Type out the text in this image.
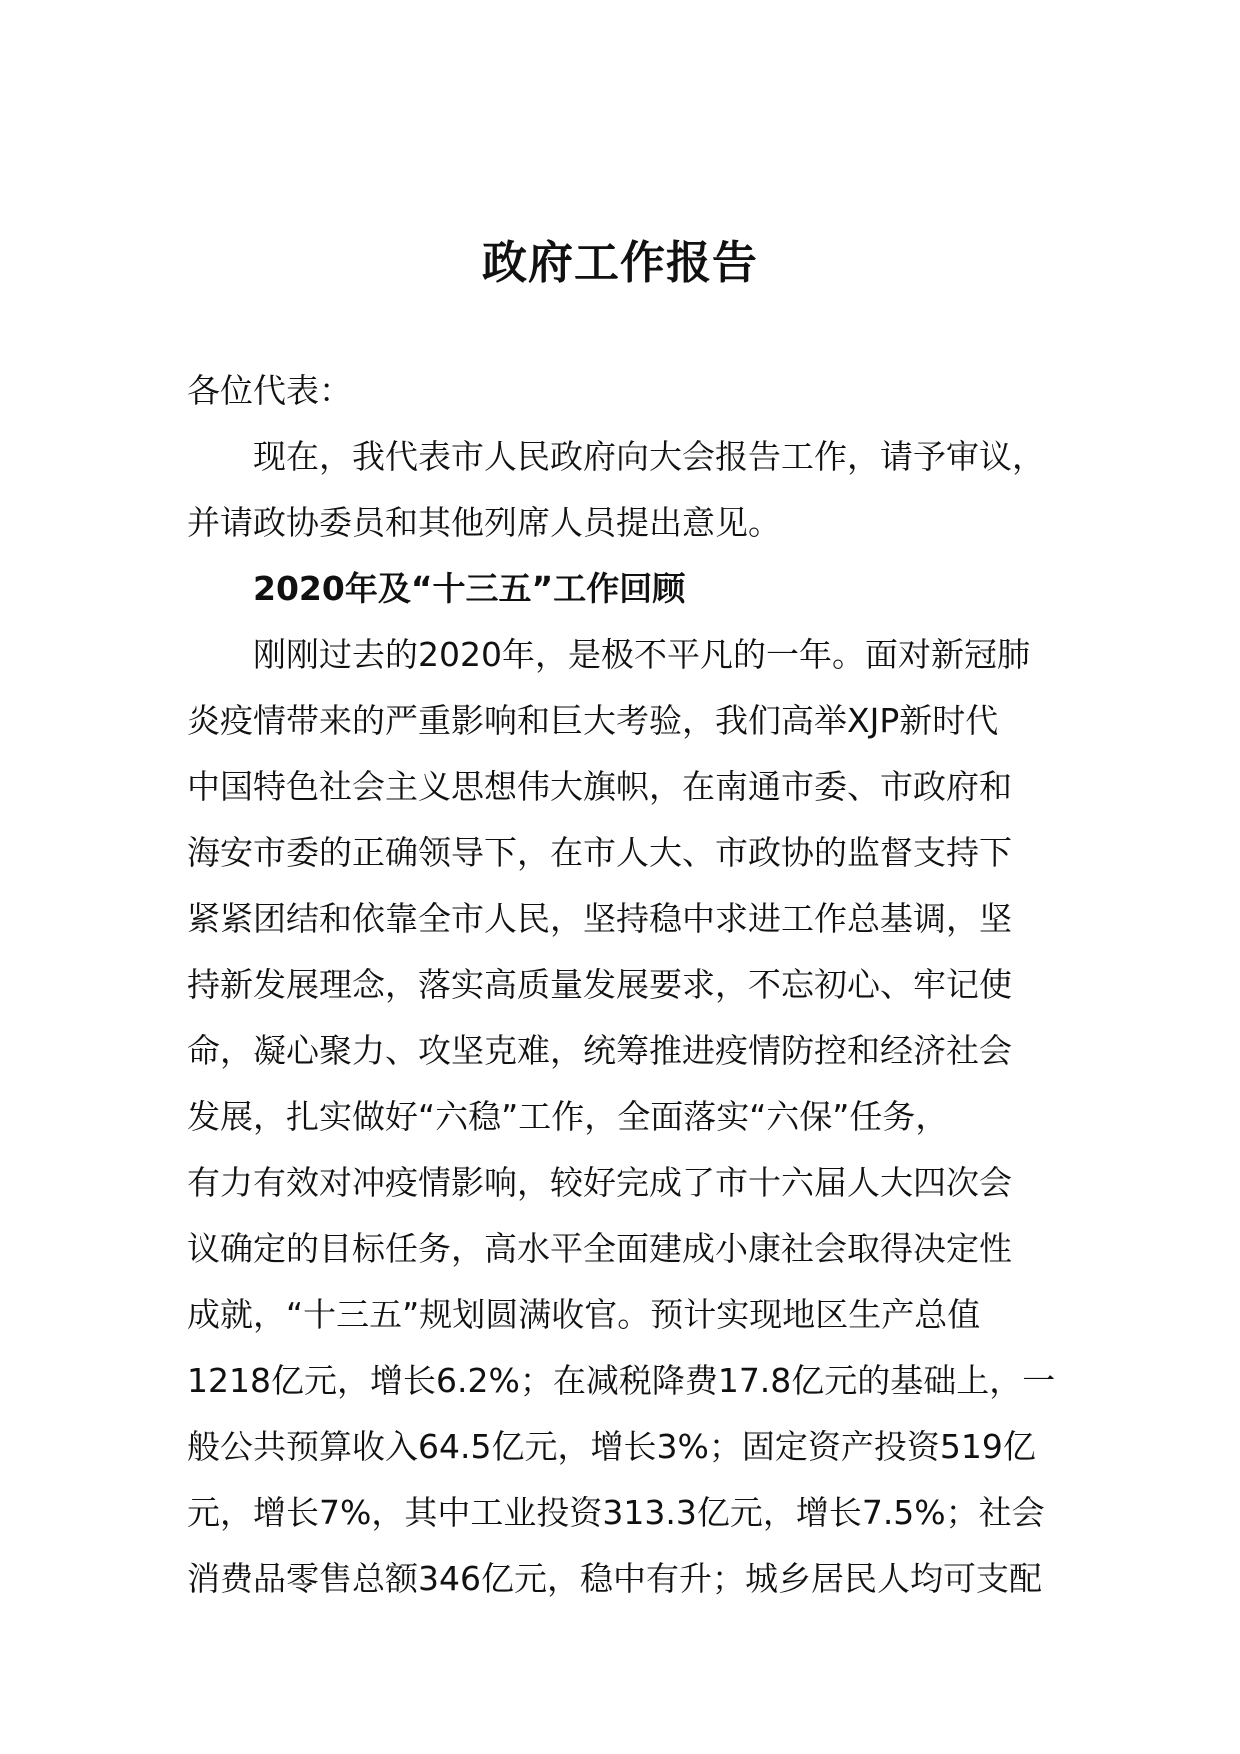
政府工作报告
各位代表：
现在，我代表市人民政府向大会报告工作，请予审议，
并请政协委员和其他列席人员提出意见。
2020年及“十三五”工作回顾
刚刚过去的2020年，是极不平凡的一年。面对新冠肺
炎疫情带来的严重影响和巨大考验，我们高举XJP新时代
中国特色社会主义思想伟大旗帜，在南通市委、市政府和
海安市委的正确领导下，在市人大、市政协的监督支持下
紧紧团结和依靠全市人民，坚持稳中求进工作总基调，坚
持新发展理念，落实高质量发展要求，不忘初心、牢记使
命，凝心聚力、攻坚克难，统筹推进疫情防控和经济社会
发展，扎实做好“六稳”工作，全面落实“六保”任务，
有力有效对冲疫情影响，较好完成了市十六届人大四次会
议确定的目标任务，高水平全面建成小康社会取得决定性
成就，“十三五”规划圆满收官。预计实现地区生产总值
1218亿元，增长6.2%；在减税降费17.8亿元的基础上，一
般公共预算收入64.5亿元，增长3%；固定资产投资519亿
元，增长7%，其中工业投资313.3亿元，增长7.5%；社会
消费品零售总额346亿元，稳中有升；城乡居民人均可支配
